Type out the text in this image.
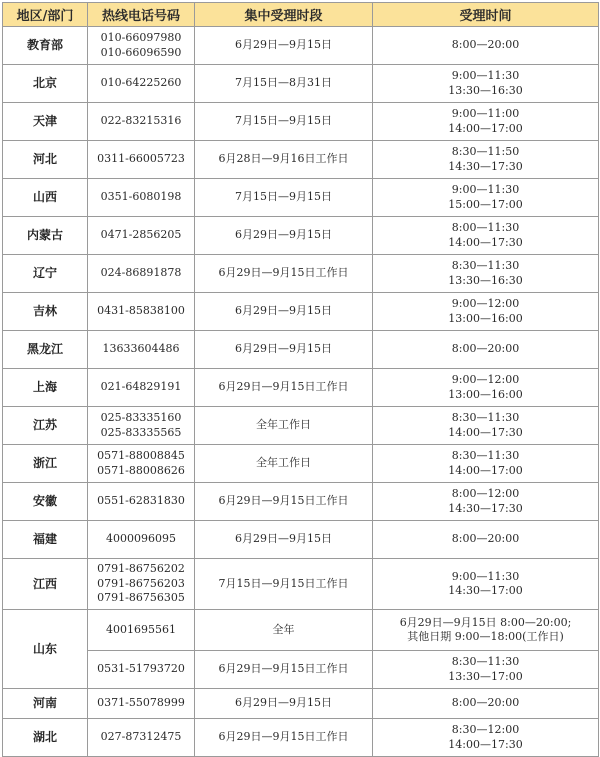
地区/部门	热线电话号码	集中受理时段	受理时间
教育部	010-66097980
010-66096590	6月29日—9月15日	8:00—20:00

北京	010-64225260	7月15日—8月31日	9:00—11:30
13:30—16:30

天津	022-83215316	7月15日—9月15日	9:00—11:00
14:00—17:00

河北	0311-66005723	6月28日—9月16日工作日	8:30—11:50
14:30—17:30

山西	0351-6080198	7月15日—9月15日	9:00—11:30
15:00—17:00

内蒙古	0471-2856205	6月29日—9月15日	8:00—11:30
14:00—17:30

辽宁	024-86891878	6月29日—9月15日工作日	8:30—11:30
13:30—16:30

吉林	0431-85838100	6月29日—9月15日	9:00—12:00
13:00—16:00

黑龙江	13633604486	6月29日—9月15日	8:00—20:00

上海	021-64829191	6月29日—9月15日工作日	9:00—12:00
13:00—16:00

江苏	025-83335160
025-83335565	全年工作日	8:30—11:30
14:00—17:30

浙江	0571-88008845
0571-88008626	全年工作日	8:30—11:30
14:00—17:00

安徽	0551-62831830	6月29日—9月15日工作日	8:00—12:00
14:30—17:30

福建	4000096095	6月29日—9月15日	8:00—20:00

江西	0791-86756202
0791-86756203
0791-86756305	7月15日—9月15日工作日	9:00—11:30
14:30—17:00

山东	4001695561	全年	6月29日—9月15日 8:00—20:00;
其他日期 9:00—18:00(工作日)

	0531-51793720	6月29日—9月15日工作日	8:30—11:30
13:30—17:00

河南	0371-55078999	6月29日—9月15日	8:00—20:00

湖北	027-87312475	6月29日—9月15日工作日	8:30—12:00
14:00—17:30
